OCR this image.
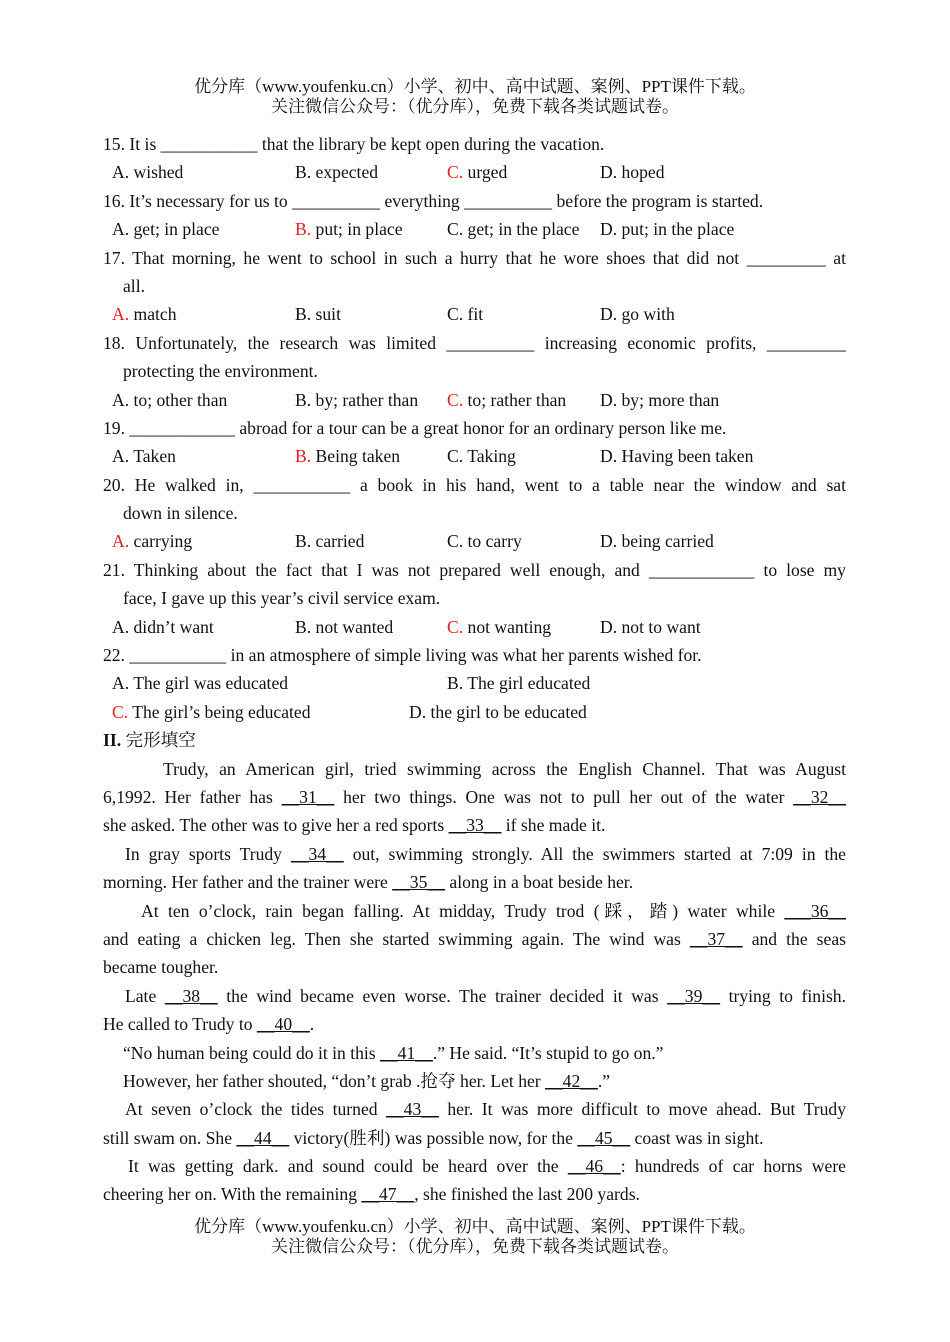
优分库（www.youfenku.cn）小学、初中、高中试题、案例、PPT课件下载。
关注微信公众号：（优分库），免费下载各类试题试卷。
15. It is ___________ that the library be kept open during the vacation.
A. wished	B. expected	C. urged	D. hoped
16. It’s necessary for us to __________ everything __________ before the program is started.
A. get; in place	B. put; in place	C. get; in the place D. put; in the place
17. That morning, he went to school in such a hurry that he wore shoes that did not _________ at
all.
A. match	B. suit	C. fit	D. go with
18. Unfortunately, the research was limited __________ increasing economic profits, _________
protecting the environment.
A. to; other than	B. by; rather than C. to; rather than D. by; more than
19. ____________ abroad for a tour can be a great honor for an ordinary person like me.
A. Taken	B. Being taken	C. Taking	D. Having been taken
20. He walked in, ___________ a book in his hand, went to a table near the window and sat
down in silence.
A. carrying	B. carried	C. to carry	D. being carried
21. Thinking about the fact that I was not prepared well enough, and ____________ to lose my
face, I gave up this year’s civil service exam.
A. didn’t want	B. not wanted	C. not wanting	D. not to want
22. ___________ in an atmosphere of simple living was what her parents wished for.
A. The girl was educated	B. The girl educated
C. The girl’s being educated	D. the girl to be educated
II. 完形填空
Trudy, an American girl, tried swimming across the English Channel. That was August
6,1992. Her father has __31__ her two things. One was not to pull her out of the water __32__
she asked. The other was to give her a red sports __33__ if she made it.
In gray sports Trudy __34__ out, swimming strongly. All the swimmers started at 7:09 in the
morning. Her father and the trainer were __35__ along in a boat beside her.
At ten o’clock, rain began falling. At midday, Trudy trod (踩，踏) water while ___36__
and eating a chicken leg. Then she started swimming again. The wind was __37__ and the seas
became tougher.
Late __38__ the wind became even worse. The trainer decided it was __39__ trying to finish.
He called to Trudy to __40__.
“No human being could do it in this __41__.” He said. “It’s stupid to go on.”
However, her father shouted, “don’t grab .抢夺 her. Let her __42__.”
At seven o’clock the tides turned __43__ her. It was more difficult to move ahead. But Trudy
still swam on. She __44__ victory(胜利) was possible now, for the __45__ coast was in sight.
It was getting dark. and sound could be heard over the __46__: hundreds of car horns were
cheering her on. With the remaining __47__, she finished the last 200 yards.
优分库（www.youfenku.cn）小学、初中、高中试题、案例、PPT课件下载。
关注微信公众号：（优分库），免费下载各类试题试卷。
